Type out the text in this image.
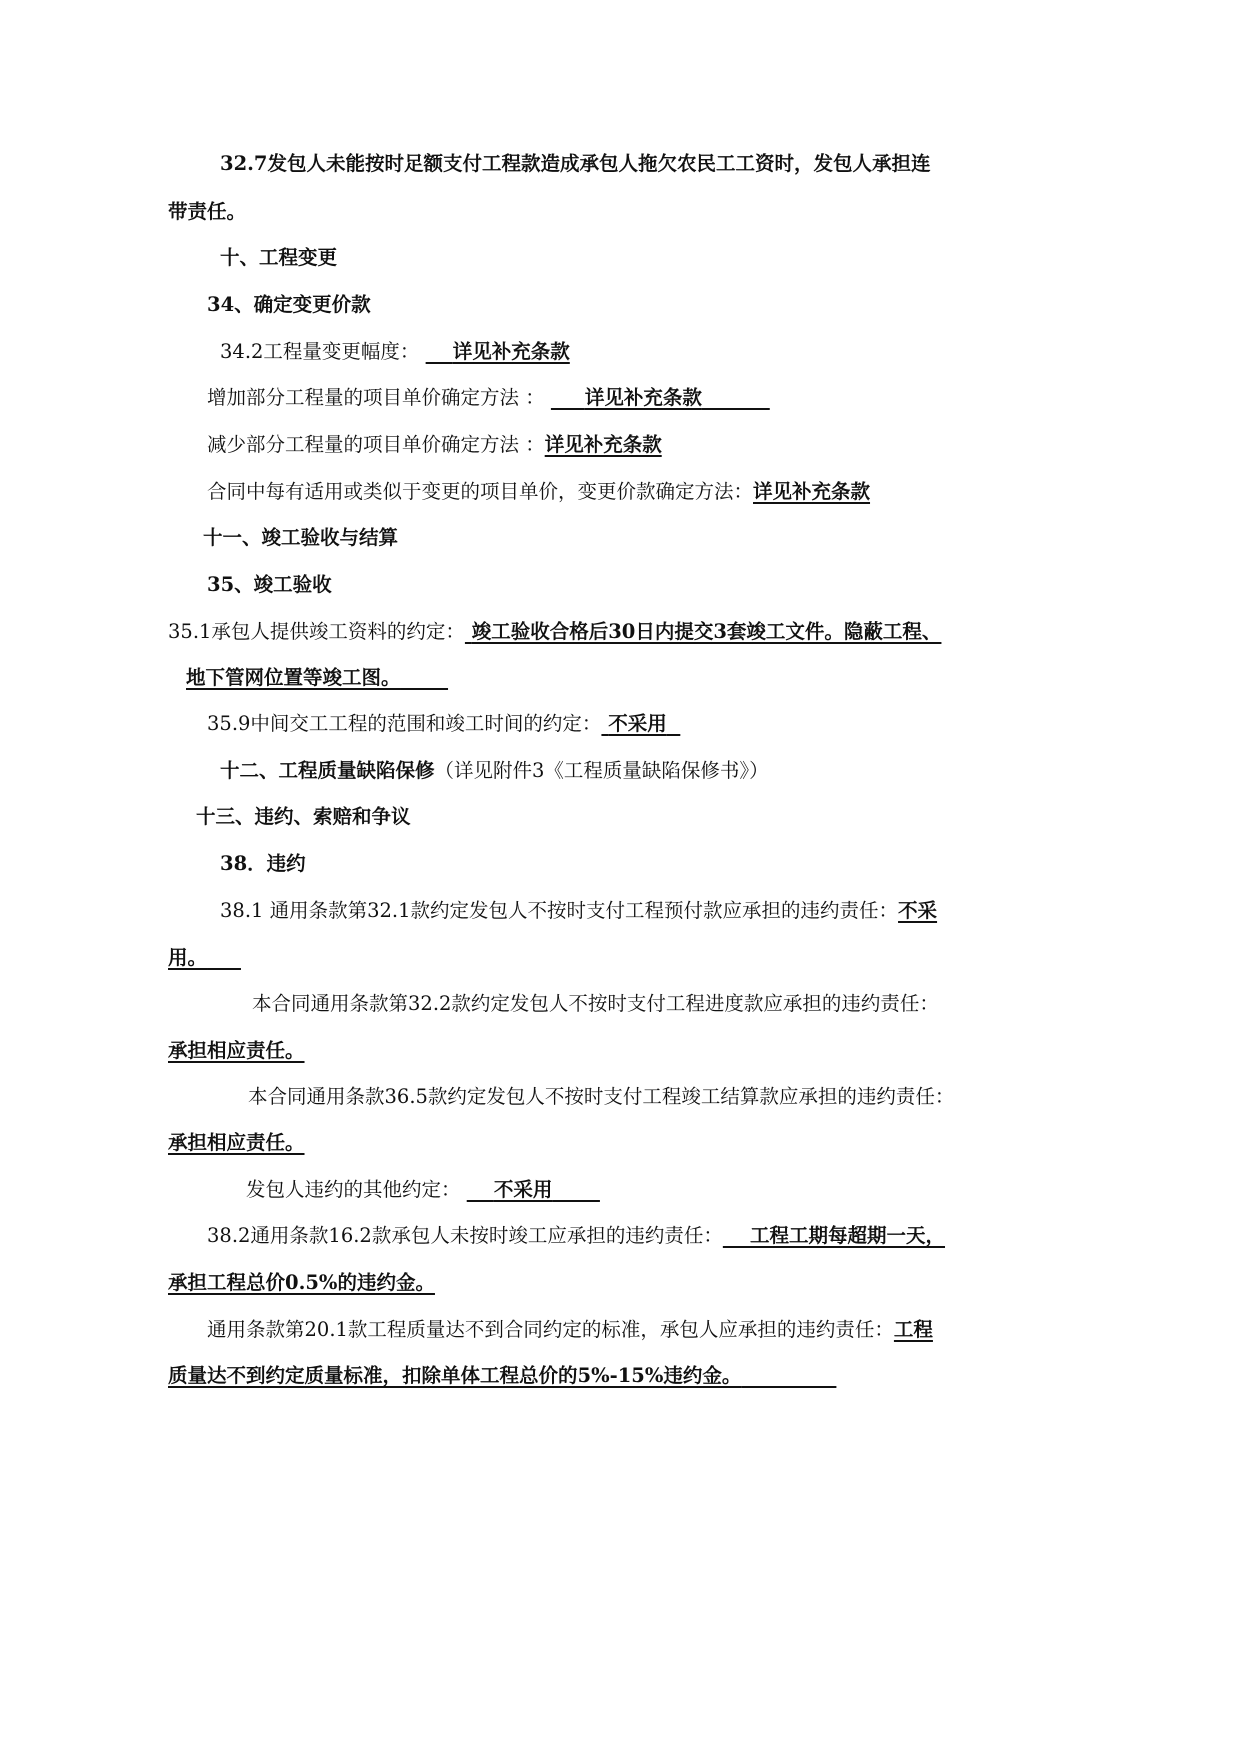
32.7发包人未能按时足额支付工程款造成承包人拖欠农民工工资时，发包人承担连
带责任。
十、工程变更
34、确定变更价款
34.2工程量变更幅度： 详见补充条款
增加部分工程量的项目单价确定方法 ： 详见补充条款
减少部分工程量的项目单价确定方法 ：详见补充条款
合同中每有适用或类似于变更的项目单价，变更价款确定方法：详见补充条款
十一、竣工验收与结算
35、竣工验收
35.1承包人提供竣工资料的约定： 竣工验收合格后30日内提交3套竣工文件。隐蔽工程、
地下管网位置等竣工图。
35.9中间交工工程的范围和竣工时间的约定： 不采用
十二、工程质量缺陷保修（详见附件3《工程质量缺陷保修书》）
十三、违约、索赔和争议
38．违约
38.1 通用条款第32.1款约定发包人不按时支付工程预付款应承担的违约责任：不采
用。
本合同通用条款第32.2款约定发包人不按时支付工程进度款应承担的违约责任：
承担相应责任。
本合同通用条款36.5款约定发包人不按时支付工程竣工结算款应承担的违约责任：
承担相应责任。
发包人违约的其他约定： 不采用
38.2通用条款16.2款承包人未按时竣工应承担的违约责任： 工程工期每超期一天，
承担工程总价0.5%的违约金。
通用条款第20.1款工程质量达不到合同约定的标准，承包人应承担的违约责任：工程
质量达不到约定质量标准，扣除单体工程总价的5%-15%违约金。
